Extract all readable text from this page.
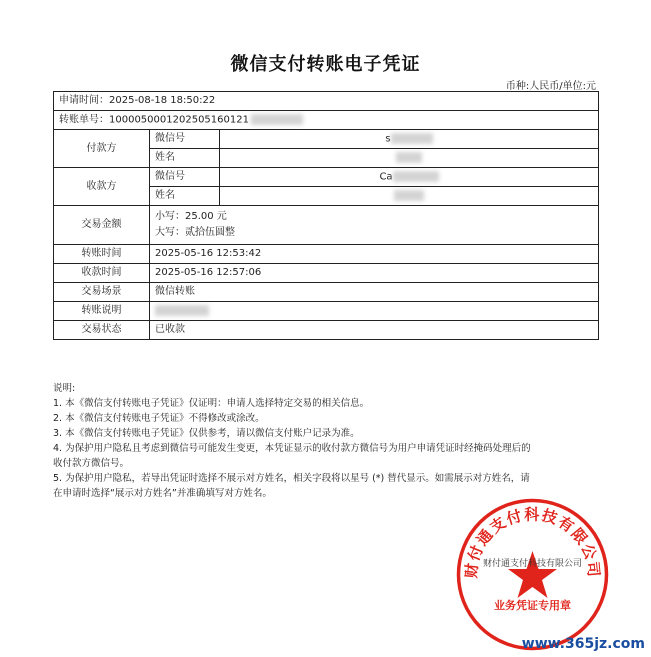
微信支付转账电子凭证
币种:人民币/单位:元
申请时间：2025-08-18 18:50:22		
转账单号：1000050001202505160121		
付款方	微信号	s
	姓名	
收款方	微信号	Ca
	姓名	
交易金额	小写：25.00 元
大写：贰拾伍圆整	

转账时间	2025-05-16 12:53:42	
收款时间	2025-05-16 12:57:06	
交易场景	微信转账	
转账说明		
交易状态	已收款	

说明:

1. 本《微信支付转账电子凭证》仅证明：申请人选择特定交易的相关信息。

2. 本《微信支付转账电子凭证》不得修改或涂改。

3. 本《微信支付转账电子凭证》仅供参考，请以微信支付账户记录为准。

4. 为保护用户隐私且考虑到微信号可能发生变更，本凭证显示的收付款方微信号为用户申请凭证时经掩码处理后的

收付款方微信号。

5. 为保护用户隐私，若导出凭证时选择不展示对方姓名，相关字段将以星号 (*) 替代显示。如需展示对方姓名，请

在申请时选择“展示对方姓名”并准确填写对方姓名。

财付通支付科技有限公司
财付通支付科技有限公司
业务凭证专用章
www.365jz.com
